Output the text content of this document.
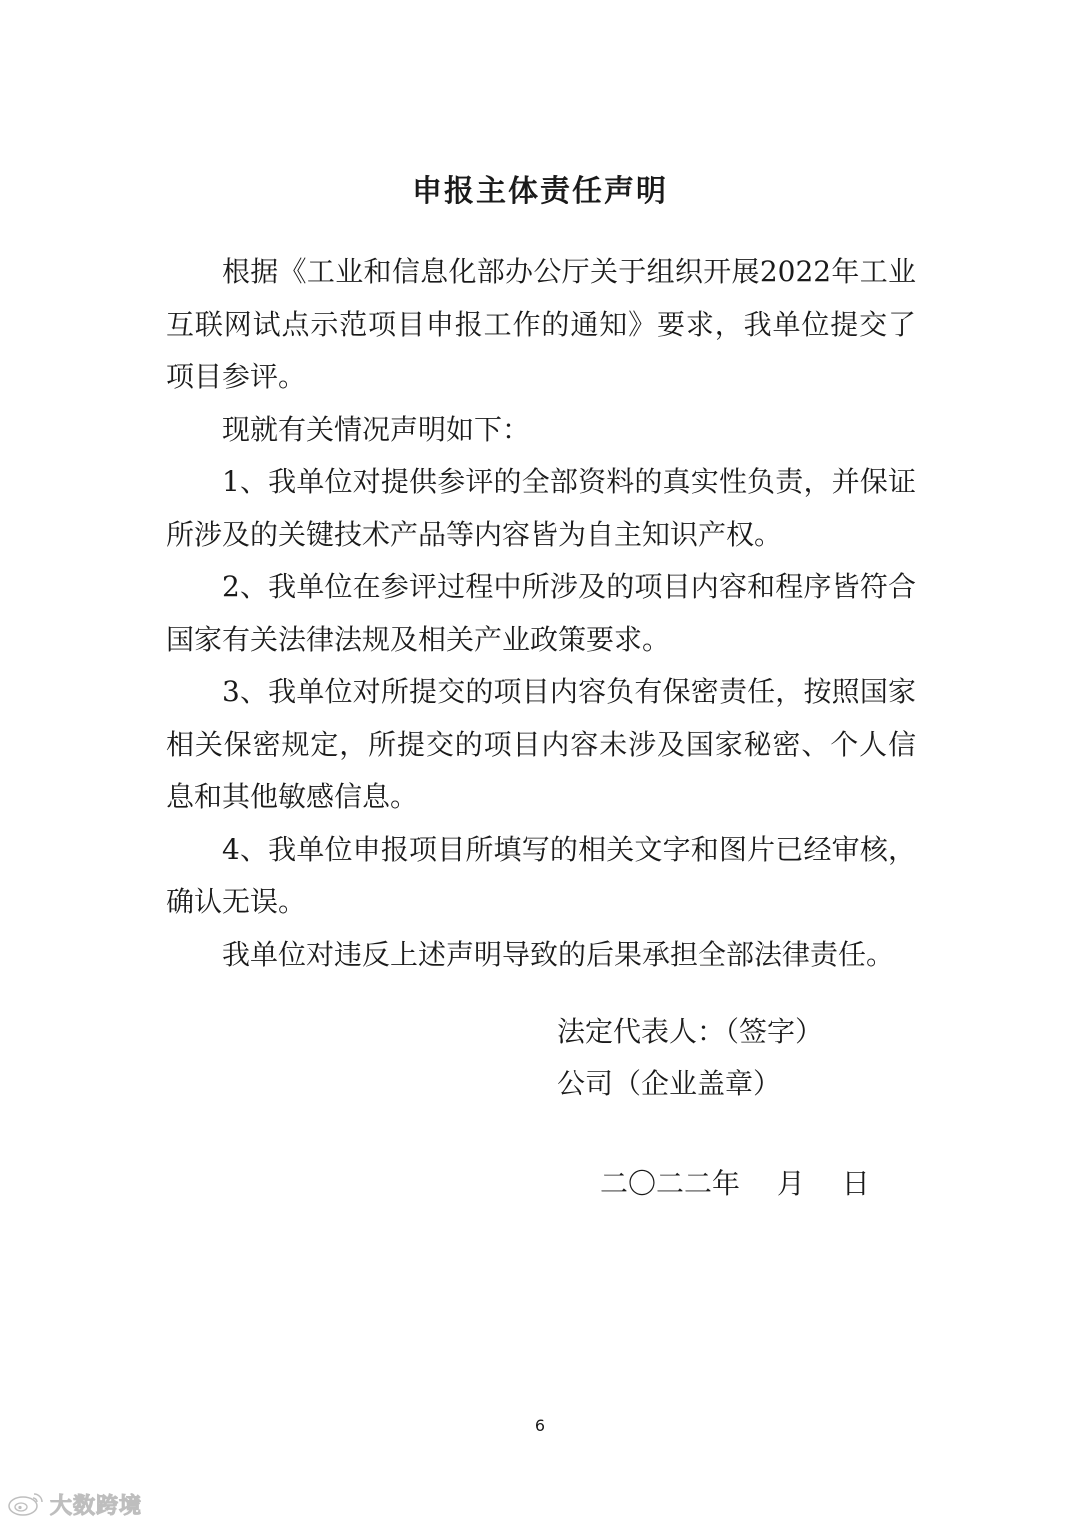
申报主体责任声明

根据《工业和信息化部办公厅关于组织开展2022年工业互联网试点示范项目申报工作的通知》要求，我单位提交了项目参评。

现就有关情况声明如下：

1、我单位对提供参评的全部资料的真实性负责，并保证所涉及的关键技术产品等内容皆为自主知识产权。

2、我单位在参评过程中所涉及的项目内容和程序皆符合国家有关法律法规及相关产业政策要求。

3、我单位对所提交的项目内容负有保密责任，按照国家相关保密规定，所提交的项目内容未涉及国家秘密、个人信息和其他敏感信息。

4、我单位申报项目所填写的相关文字和图片已经审核，确认无误。

我单位对违反上述声明导致的后果承担全部法律责任。

法定代表人：（签字）
公司（企业盖章）
二〇二二年　 月　 日
6
大数跨境
